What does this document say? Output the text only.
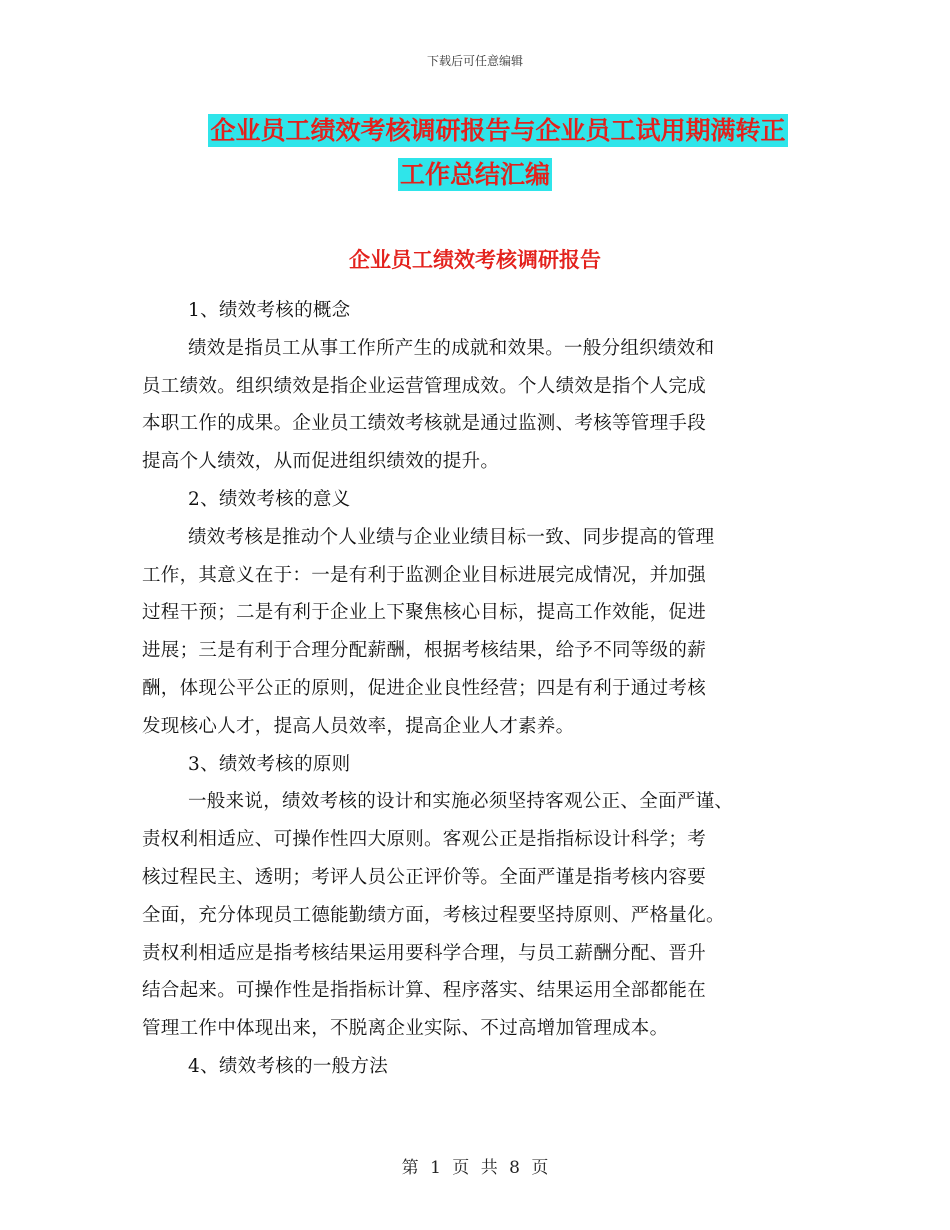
下载后可任意编辑
企业员工绩效考核调研报告与企业员工试用期满转正
工作总结汇编
企业员工绩效考核调研报告

1、绩效考核的概念

绩效是指员工从事工作所产生的成就和效果。一般分组织绩效和
员工绩效。组织绩效是指企业运营管理成效。个人绩效是指个人完成
本职工作的成果。企业员工绩效考核就是通过监测、考核等管理手段
提高个人绩效，从而促进组织绩效的提升。

2、绩效考核的意义

绩效考核是推动个人业绩与企业业绩目标一致、同步提高的管理
工作，其意义在于：一是有利于监测企业目标进展完成情况，并加强
过程干预；二是有利于企业上下聚焦核心目标，提高工作效能，促进
进展；三是有利于合理分配薪酬，根据考核结果，给予不同等级的薪
酬，体现公平公正的原则，促进企业良性经营；四是有利于通过考核
发现核心人才，提高人员效率，提高企业人才素养。

3、绩效考核的原则

一般来说，绩效考核的设计和实施必须坚持客观公正、全面严谨、
责权利相适应、可操作性四大原则。客观公正是指指标设计科学；考
核过程民主、透明；考评人员公正评价等。全面严谨是指考核内容要
全面，充分体现员工德能勤绩方面，考核过程要坚持原则、严格量化。
责权利相适应是指考核结果运用要科学合理，与员工薪酬分配、晋升
结合起来。可操作性是指指标计算、程序落实、结果运用全部都能在
管理工作中体现出来，不脱离企业实际、不过高增加管理成本。

4、绩效考核的一般方法

第 1 页 共 8 页
